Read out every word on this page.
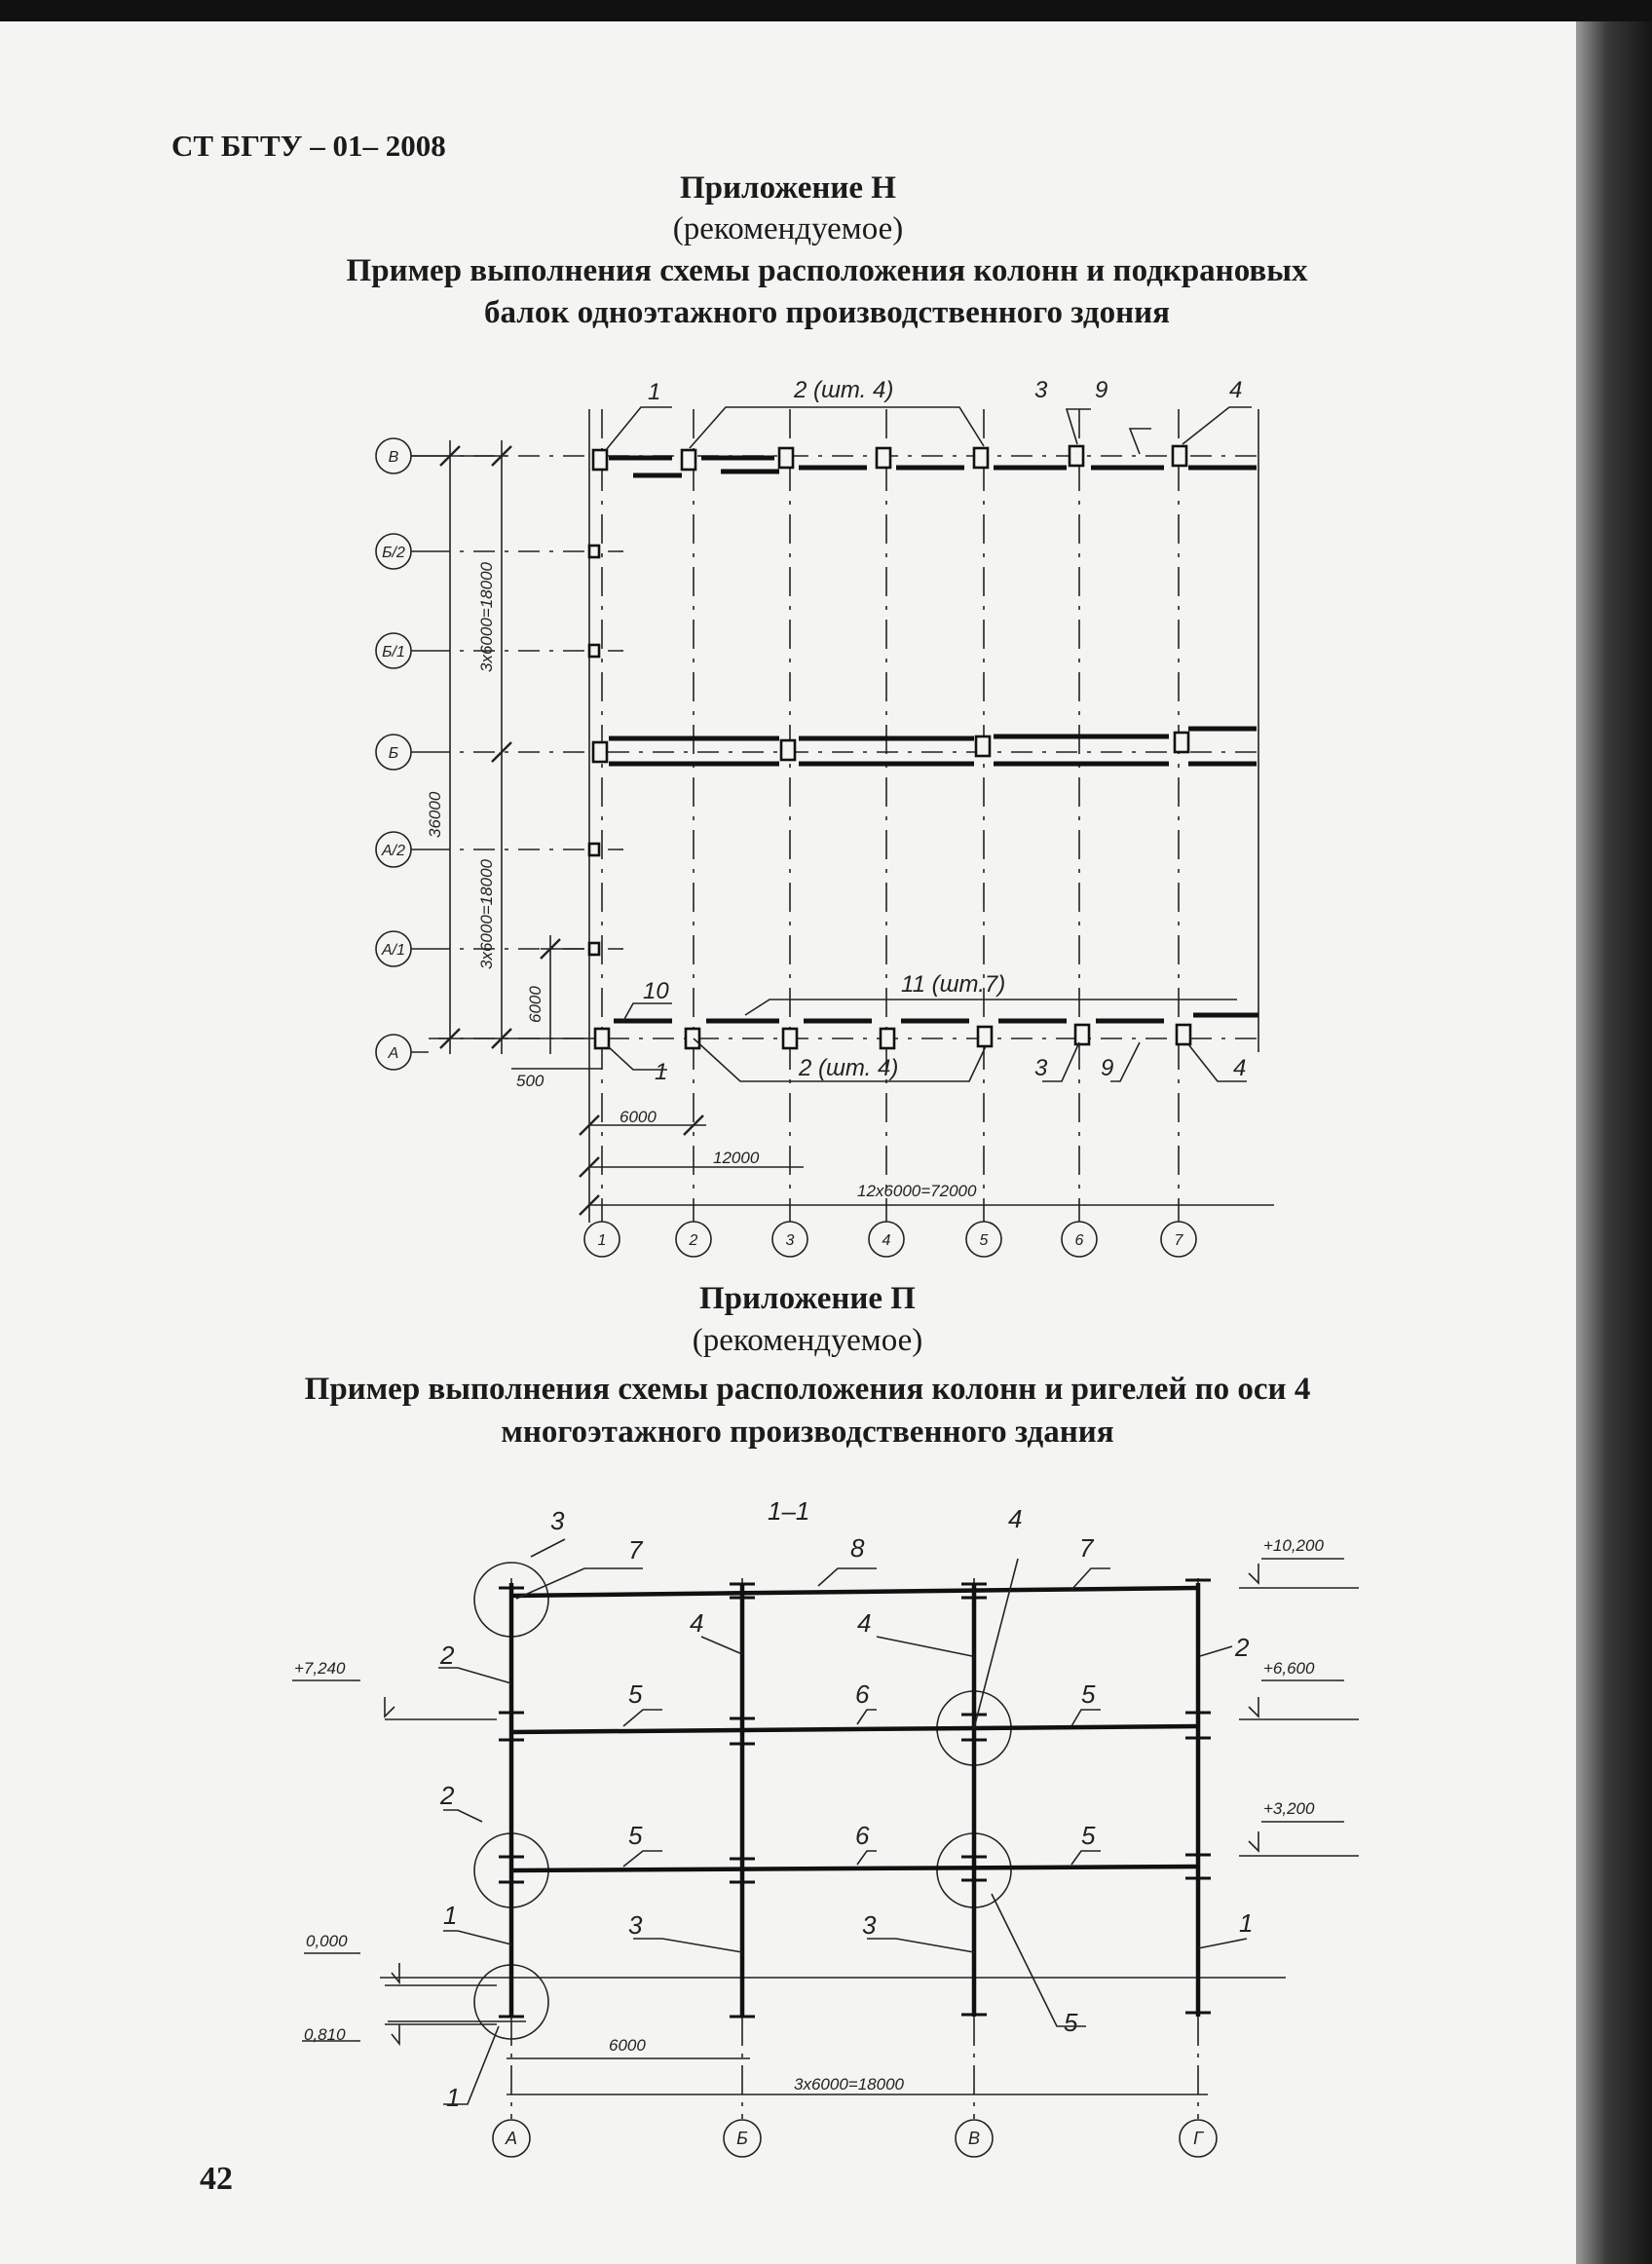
СТ БГТУ – 01– 2008
Приложение Н
(рекомендуемое)
Пример выполнения схемы расположения колонн и подкрановых
балок одноэтажного производственного здония
Приложение П
(рекомендуемое)
Пример выполнения схемы расположения колонн и ригелей по оси 4
многоэтажного производственного здания
42
В
Б/2
Б/1
Б
А/2
А/1
А
1	2	3	4	5	6	7
1	2 (шт. 4)	3 9	4
10	11 (шт.7)
1	2 (шт. 4)	3 9	4
3х6000=18000
3х6000=18000
36000
6000
500
6000
12000
12х6000=72000
А	Б	В	Г
1–1
3
7	8
4
7
4	4
2	2
5	6	5
2
5	6	5
1	3	3	1
5
1
+10,200
+7,240	+6,600
+3,200
0,000
0,810
6000
3х6000=18000
